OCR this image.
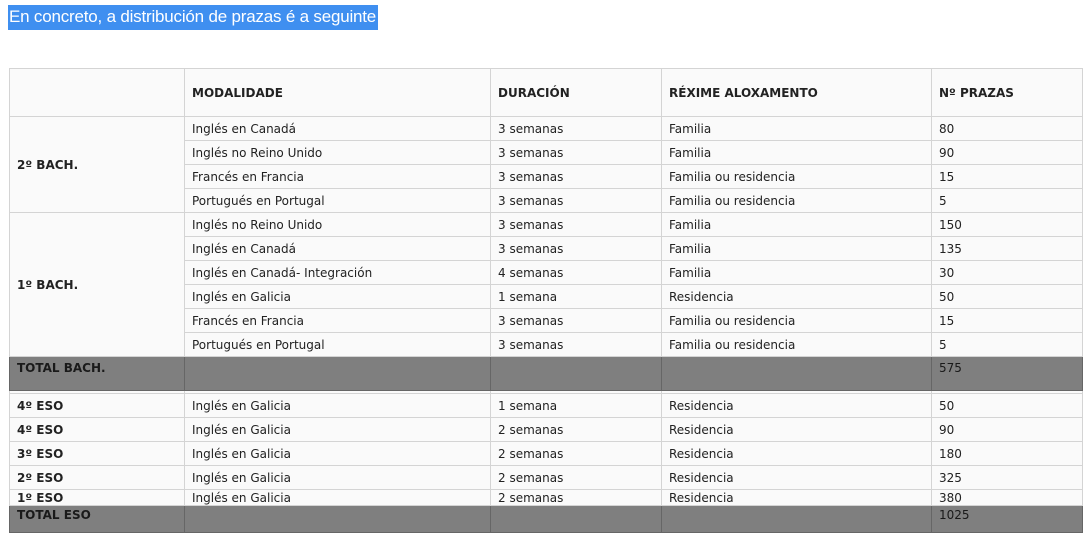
En concreto, a distribución de prazas é a seguinte
	MODALIDADE	DURACIÓN	RÉXIME ALOXAMENTO	Nº PRAZAS
2º BACH.	Inglés en Canadá	3 semanas	Familia	80
	Inglés no Reino Unido	3 semanas	Familia	90
	Francés en Francia	3 semanas	Familia ou residencia	15
	Portugués en Portugal	3 semanas	Familia ou residencia	5
1º BACH.	Inglés no Reino Unido	3 semanas	Familia	150
	Inglés en Canadá	3 semanas	Familia	135
	Inglés en Canadá- Integración	4 semanas	Familia	30
	Inglés en Galicia	1 semana	Residencia	50
	Francés en Francia	3 semanas	Familia ou residencia	15
	Portugués en Portugal	3 semanas	Familia ou residencia	5
TOTAL BACH.				575

4º ESO	Inglés en Galicia	1 semana	Residencia	50
4º ESO	Inglés en Galicia	2 semanas	Residencia	90
3º ESO	Inglés en Galicia	2 semanas	Residencia	180
2º ESO	Inglés en Galicia	2 semanas	Residencia	325
1º ESO	Inglés en Galicia	2 semanas	Residencia	380
TOTAL ESO				1025
